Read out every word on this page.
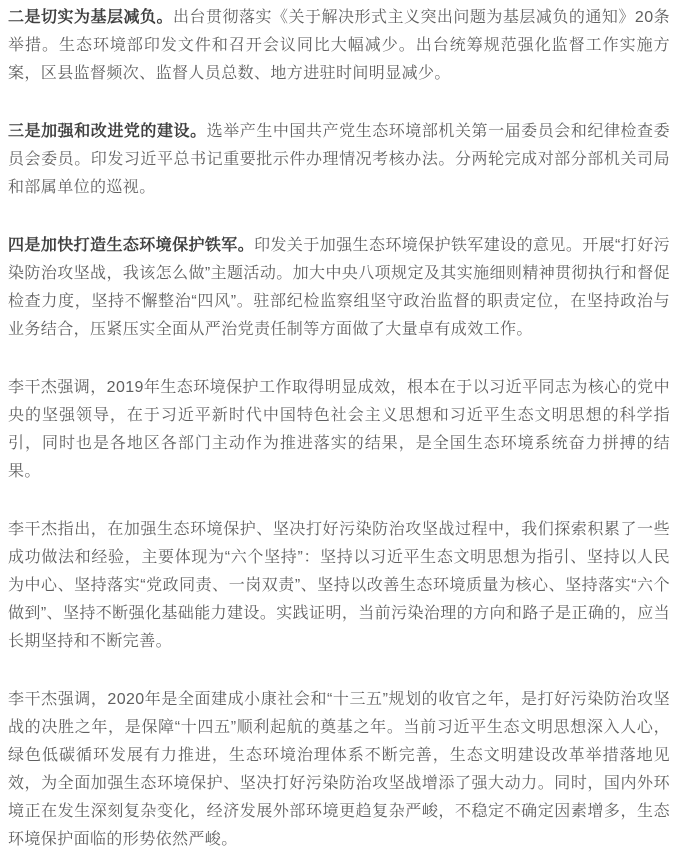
二是切实为基层减负。出台贯彻落实《关于解决形式主义突出问题为基层减负的通知》20条举措。生态环境部印发文件和召开会议同比大幅减少。出台统筹规范强化监督工作实施方案，区县监督频次、监督人员总数、地方进驻时间明显减少。

三是加强和改进党的建设。选举产生中国共产党生态环境部机关第一届委员会和纪律检查委员会委员。印发习近平总书记重要批示件办理情况考核办法。分两轮完成对部分部机关司局和部属单位的巡视。

四是加快打造生态环境保护铁军。印发关于加强生态环境保护铁军建设的意见。开展“打好污染防治攻坚战，我该怎么做”主题活动。加大中央八项规定及其实施细则精神贯彻执行和督促检查力度，坚持不懈整治“四风”。驻部纪检监察组坚守政治监督的职责定位，在坚持政治与业务结合，压紧压实全面从严治党责任制等方面做了大量卓有成效工作。

李干杰强调，2019年生态环境保护工作取得明显成效，根本在于以习近平同志为核心的党中央的坚强领导，在于习近平新时代中国特色社会主义思想和习近平生态文明思想的科学指引，同时也是各地区各部门主动作为推进落实的结果，是全国生态环境系统奋力拼搏的结果。

李干杰指出，在加强生态环境保护、坚决打好污染防治攻坚战过程中，我们探索积累了一些成功做法和经验，主要体现为“六个坚持”：坚持以习近平生态文明思想为指引、坚持以人民为中心、坚持落实“党政同责、一岗双责”、坚持以改善生态环境质量为核心、坚持落实“六个做到”、坚持不断强化基础能力建设。实践证明，当前污染治理的方向和路子是正确的，应当长期坚持和不断完善。

李干杰强调，2020年是全面建成小康社会和“十三五”规划的收官之年，是打好污染防治攻坚战的决胜之年，是保障“十四五”顺利起航的奠基之年。当前习近平生态文明思想深入人心，绿色低碳循环发展有力推进，生态环境治理体系不断完善，生态文明建设改革举措落地见效，为全面加强生态环境保护、坚决打好污染防治攻坚战增添了强大动力。同时，国内外环境正在发生深刻复杂变化，经济发展外部环境更趋复杂严峻，不稳定不确定因素增多，生态环境保护面临的形势依然严峻。
